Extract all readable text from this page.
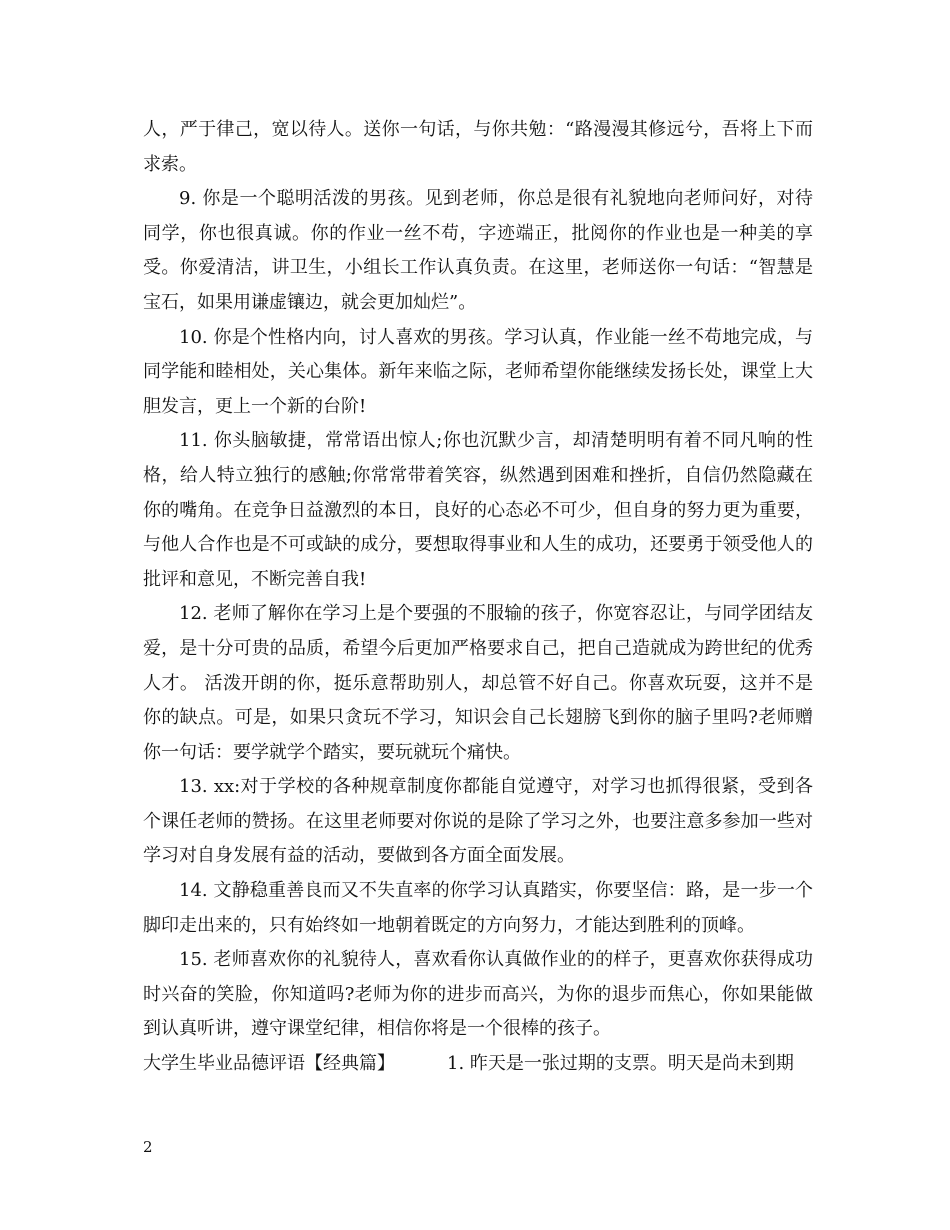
人，严于律己，宽以待人。送你一句话，与你共勉：“路漫漫其修远兮，吾将上下而求索。

9. 你是一个聪明活泼的男孩。见到老师，你总是很有礼貌地向老师问好，对待同学，你也很真诚。你的作业一丝不苟，字迹端正，批阅你的作业也是一种美的享受。你爱清洁，讲卫生，小组长工作认真负责。在这里，老师送你一句话：“智慧是宝石，如果用谦虚镶边，就会更加灿烂”。

10. 你是个性格内向，讨人喜欢的男孩。学习认真，作业能一丝不苟地完成，与同学能和睦相处，关心集体。新年来临之际，老师希望你能继续发扬长处，课堂上大胆发言，更上一个新的台阶!

11. 你头脑敏捷，常常语出惊人;你也沉默少言，却清楚明明有着不同凡响的性格，给人特立独行的感触;你常常带着笑容，纵然遇到困难和挫折，自信仍然隐藏在你的嘴角。在竞争日益激烈的本日，良好的心态必不可少，但自身的努力更为重要，与他人合作也是不可或缺的成分，要想取得事业和人生的成功，还要勇于领受他人的批评和意见，不断完善自我!

12. 老师了解你在学习上是个要强的不服输的孩子，你宽容忍让，与同学团结友爱，是十分可贵的品质，希望今后更加严格要求自己，把自己造就成为跨世纪的优秀人才。 活泼开朗的你，挺乐意帮助别人，却总管不好自己。你喜欢玩耍，这并不是你的缺点。可是，如果只贪玩不学习，知识会自己长翅膀飞到你的脑子里吗?老师赠你一句话：要学就学个踏实，要玩就玩个痛快。

13. xx:对于学校的各种规章制度你都能自觉遵守，对学习也抓得很紧，受到各个课任老师的赞扬。在这里老师要对你说的是除了学习之外，也要注意多参加一些对学习对自身发展有益的活动，要做到各方面全面发展。

14. 文静稳重善良而又不失直率的你学习认真踏实，你要坚信：路，是一步一个脚印走出来的，只有始终如一地朝着既定的方向努力，才能达到胜利的顶峰。

15. 老师喜欢你的礼貌待人，喜欢看你认真做作业的的样子，更喜欢你获得成功时兴奋的笑脸，你知道吗?老师为你的进步而高兴，为你的退步而焦心，你如果能做到认真听讲，遵守课堂纪律，相信你将是一个很棒的孩子。

大学生毕业品德评语【经典篇】	1. 昨天是一张过期的支票。明天是尚未到期

2
